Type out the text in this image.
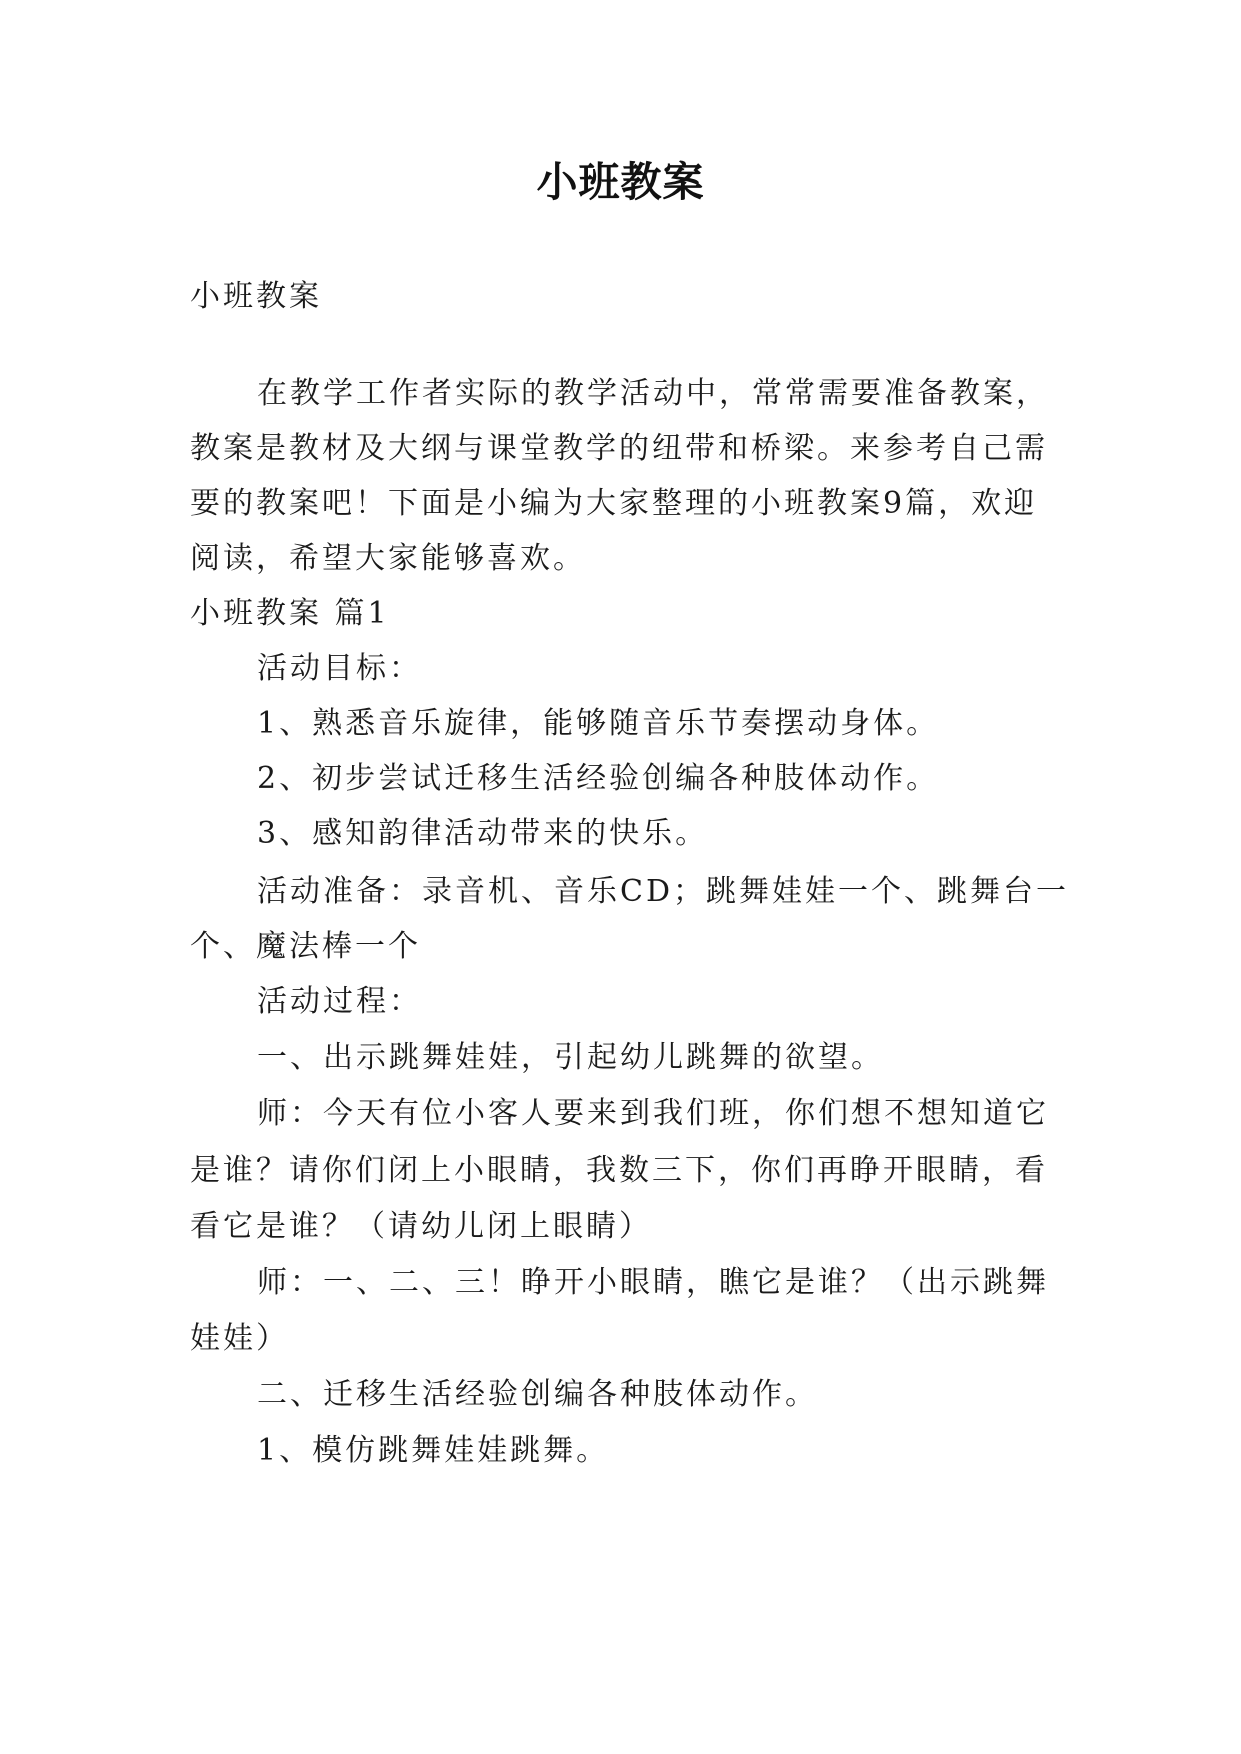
小班教案
小班教案
在教学工作者实际的教学活动中，常常需要准备教案，
教案是教材及大纲与课堂教学的纽带和桥梁。来参考自己需
要的教案吧！下面是小编为大家整理的小班教案9篇，欢迎
阅读，希望大家能够喜欢。
小班教案 篇1
活动目标：
1、熟悉音乐旋律，能够随音乐节奏摆动身体。
2、初步尝试迁移生活经验创编各种肢体动作。
3、感知韵律活动带来的快乐。
活动准备：录音机、音乐CD；跳舞娃娃一个、跳舞台一
个、魔法棒一个
活动过程：
一、出示跳舞娃娃，引起幼儿跳舞的欲望。
师：今天有位小客人要来到我们班，你们想不想知道它
是谁？请你们闭上小眼睛，我数三下，你们再睁开眼睛，看
看它是谁？（请幼儿闭上眼睛）
师：一、二、三！睁开小眼睛，瞧它是谁？（出示跳舞
娃娃）
二、迁移生活经验创编各种肢体动作。
1、模仿跳舞娃娃跳舞。
